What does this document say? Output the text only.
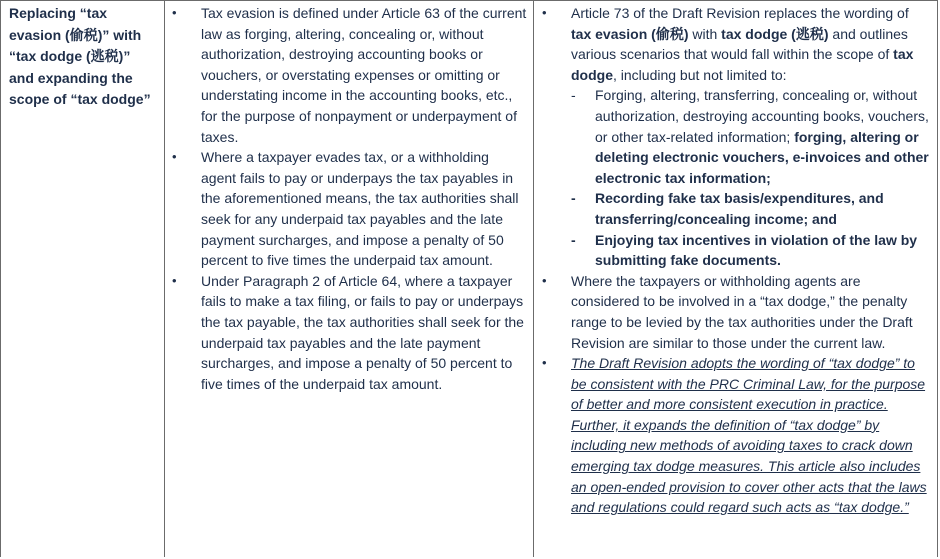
Replacing “tax evasion (偷税)” with “tax dodge (逃税)” and expanding the scope of “tax dodge”

• Tax evasion is defined under Article 63 of the current law as forging, altering, concealing or, without authorization, destroying accounting books or vouchers, or overstating expenses or omitting or understating income in the accounting books, etc., for the purpose of nonpayment or underpayment of taxes.
• Where a taxpayer evades tax, or a withholding agent fails to pay or underpays the tax payables in the aforementioned means, the tax authorities shall seek for any underpaid tax payables and the late payment surcharges, and impose a penalty of 50 percent to five times the underpaid tax amount.
• Under Paragraph 2 of Article 64, where a taxpayer fails to make a tax filing, or fails to pay or underpays the tax payable, the tax authorities shall seek for the underpaid tax payables and the late payment surcharges, and impose a penalty of 50 percent to five times of the underpaid tax amount.
• Article 73 of the Draft Revision replaces the wording of tax evasion (偷税) with tax dodge (逃税) and outlines various scenarios that would fall within the scope of tax dodge, including but not limited to:
- Forging, altering, transferring, concealing or, without authorization, destroying accounting books, vouchers, or other tax-related information; forging, altering or deleting electronic vouchers, e-invoices and other electronic tax information;
- Recording fake tax basis/expenditures, and transferring/concealing income; and
- Enjoying tax incentives in violation of the law by submitting fake documents.
• Where the taxpayers or withholding agents are considered to be involved in a “tax dodge,” the penalty range to be levied by the tax authorities under the Draft Revision are similar to those under the current law.
• The Draft Revision adopts the wording of “tax dodge” to be consistent with the PRC Criminal Law, for the purpose of better and more consistent execution in practice. Further, it expands the definition of “tax dodge” by including new methods of avoiding taxes to crack down emerging tax dodge measures. This article also includes an open-ended provision to cover other acts that the laws and regulations could regard such acts as “tax dodge.”
